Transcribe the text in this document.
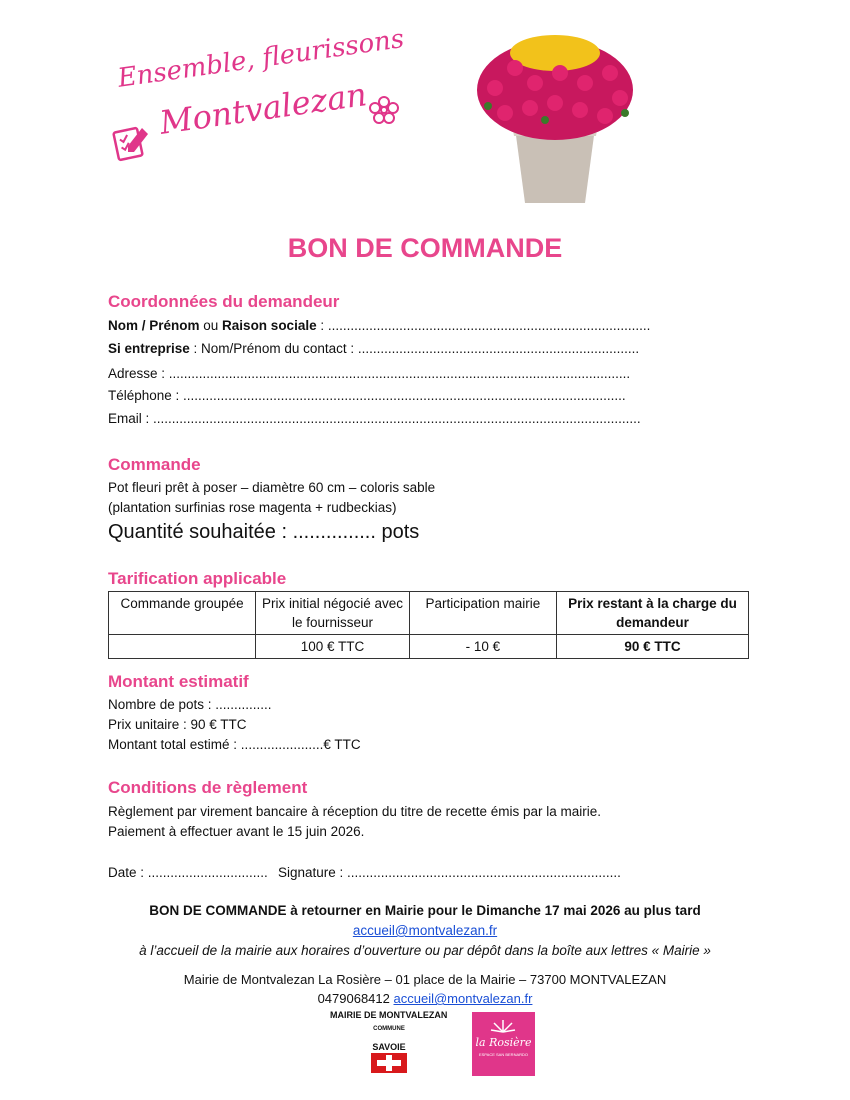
Ensemble, fleurissons
Montvalezan
BON DE COMMANDE
Coordonnées du demandeur
Nom / Prénom ou Raison sociale : ......................................................................................
Si entreprise : Nom/Prénom du contact : ...........................................................................
Adresse : ...........................................................................................................................
Téléphone : ......................................................................................................................
Email : ..................................................................................................................................
Commande
Pot fleuri prêt à poser – diamètre 60 cm – coloris sable
(plantation surfinias rose magenta + rudbeckias)
Quantité souhaitée : ............... pots
Tarification applicable
Commande groupée	Prix initial négocié avec le fournisseur	Participation mairie	Prix restant à la charge du demandeur
	100 € TTC	- 10 €	90 € TTC
Montant estimatif
Nombre de pots : ...............
Prix unitaire : 90 € TTC
Montant total estimé : ......................€ TTC
Conditions de règlement
Règlement par virement bancaire à réception du titre de recette émis par la mairie.
Paiement à effectuer avant le 15 juin 2026.
Date : ................................ Signature : .........................................................................
BON DE COMMANDE à retourner en Mairie pour le Dimanche 17 mai 2026 au plus tard
accueil@montvalezan.fr
à l’accueil de la mairie aux horaires d’ouverture ou par dépôt dans la boîte aux lettres « Mairie »
Mairie de Montvalezan La Rosière – 01 place de la Mairie – 73700 MONTVALEZAN
0479068412 accueil@montvalezan.fr
MAIRIE DE MONTVALEZAN
COMMUNE
SAVOIE	la Rosière
ESPACE SAN BERNARDO
